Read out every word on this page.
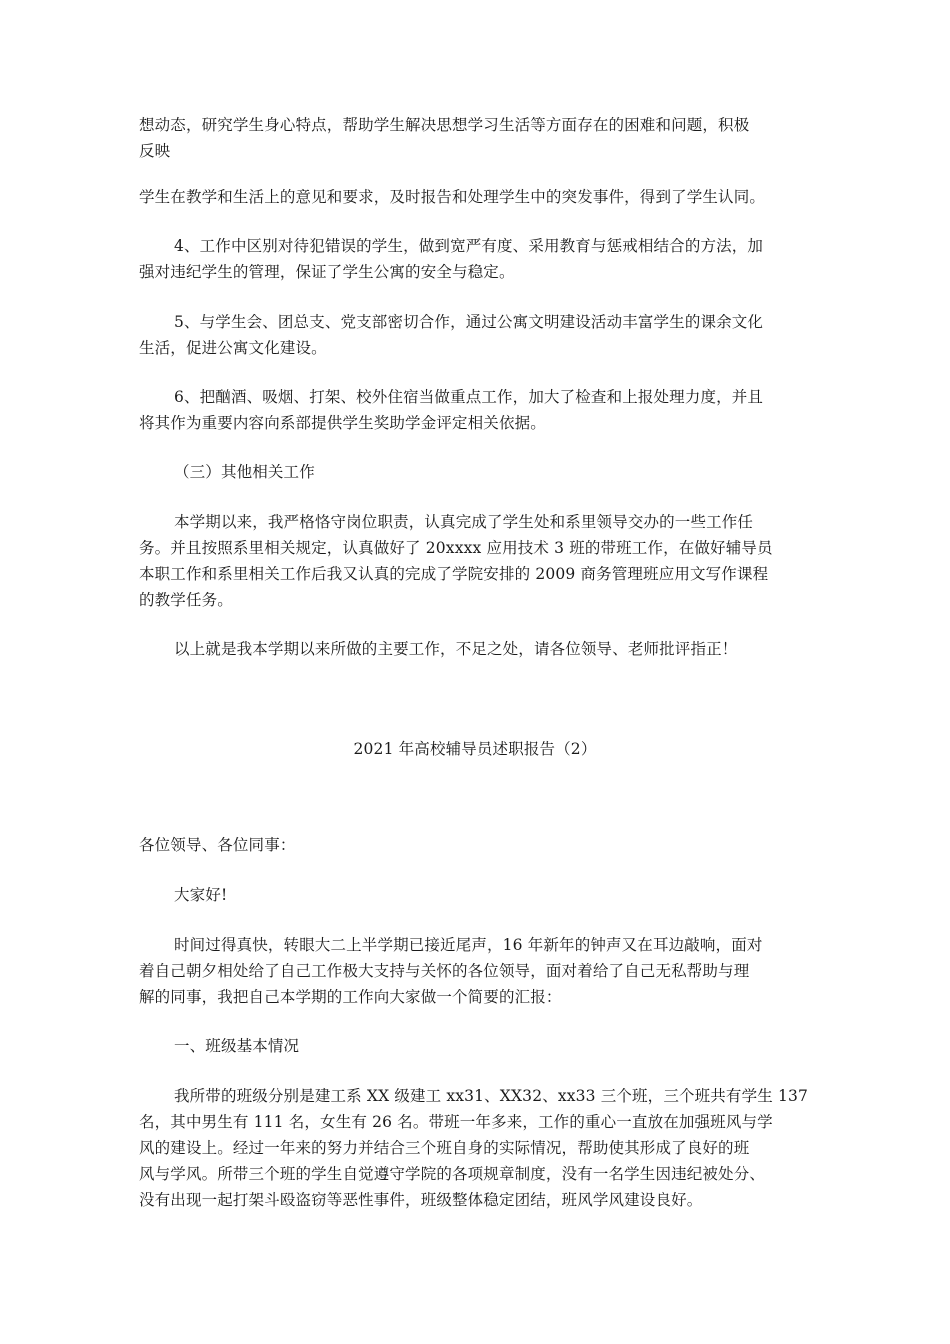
想动态，研究学生身心特点，帮助学生解决思想学习生活等方面存在的困难和问题，积极
反映
学生在教学和生活上的意见和要求，及时报告和处理学生中的突发事件，得到了学生认同。
4、工作中区别对待犯错误的学生，做到宽严有度、采用教育与惩戒相结合的方法，加
强对违纪学生的管理，保证了学生公寓的安全与稳定。
5、与学生会、团总支、党支部密切合作，通过公寓文明建设活动丰富学生的课余文化
生活，促进公寓文化建设。
6、把酗酒、吸烟、打架、校外住宿当做重点工作，加大了检查和上报处理力度，并且
将其作为重要内容向系部提供学生奖助学金评定相关依据。
（三）其他相关工作
本学期以来，我严格恪守岗位职责，认真完成了学生处和系里领导交办的一些工作任
务。并且按照系里相关规定，认真做好了 20xxxx 应用技术 3 班的带班工作，在做好辅导员
本职工作和系里相关工作后我又认真的完成了学院安排的 2009 商务管理班应用文写作课程
的教学任务。
以上就是我本学期以来所做的主要工作，不足之处，请各位领导、老师批评指正！
2021 年高校辅导员述职报告（2）
各位领导、各位同事：
大家好!
时间过得真快，转眼大二上半学期已接近尾声，16 年新年的钟声又在耳边敲响，面对
着自己朝夕相处给了自己工作极大支持与关怀的各位领导，面对着给了自己无私帮助与理
解的同事，我把自己本学期的工作向大家做一个简要的汇报：
一、班级基本情况
我所带的班级分别是建工系 XX 级建工 xx31、XX32、xx33 三个班，三个班共有学生 137
名，其中男生有 111 名，女生有 26 名。带班一年多来，工作的重心一直放在加强班风与学
风的建设上。经过一年来的努力并结合三个班自身的实际情况，帮助使其形成了良好的班
风与学风。所带三个班的学生自觉遵守学院的各项规章制度，没有一名学生因违纪被处分、
没有出现一起打架斗殴盗窃等恶性事件，班级整体稳定团结，班风学风建设良好。
